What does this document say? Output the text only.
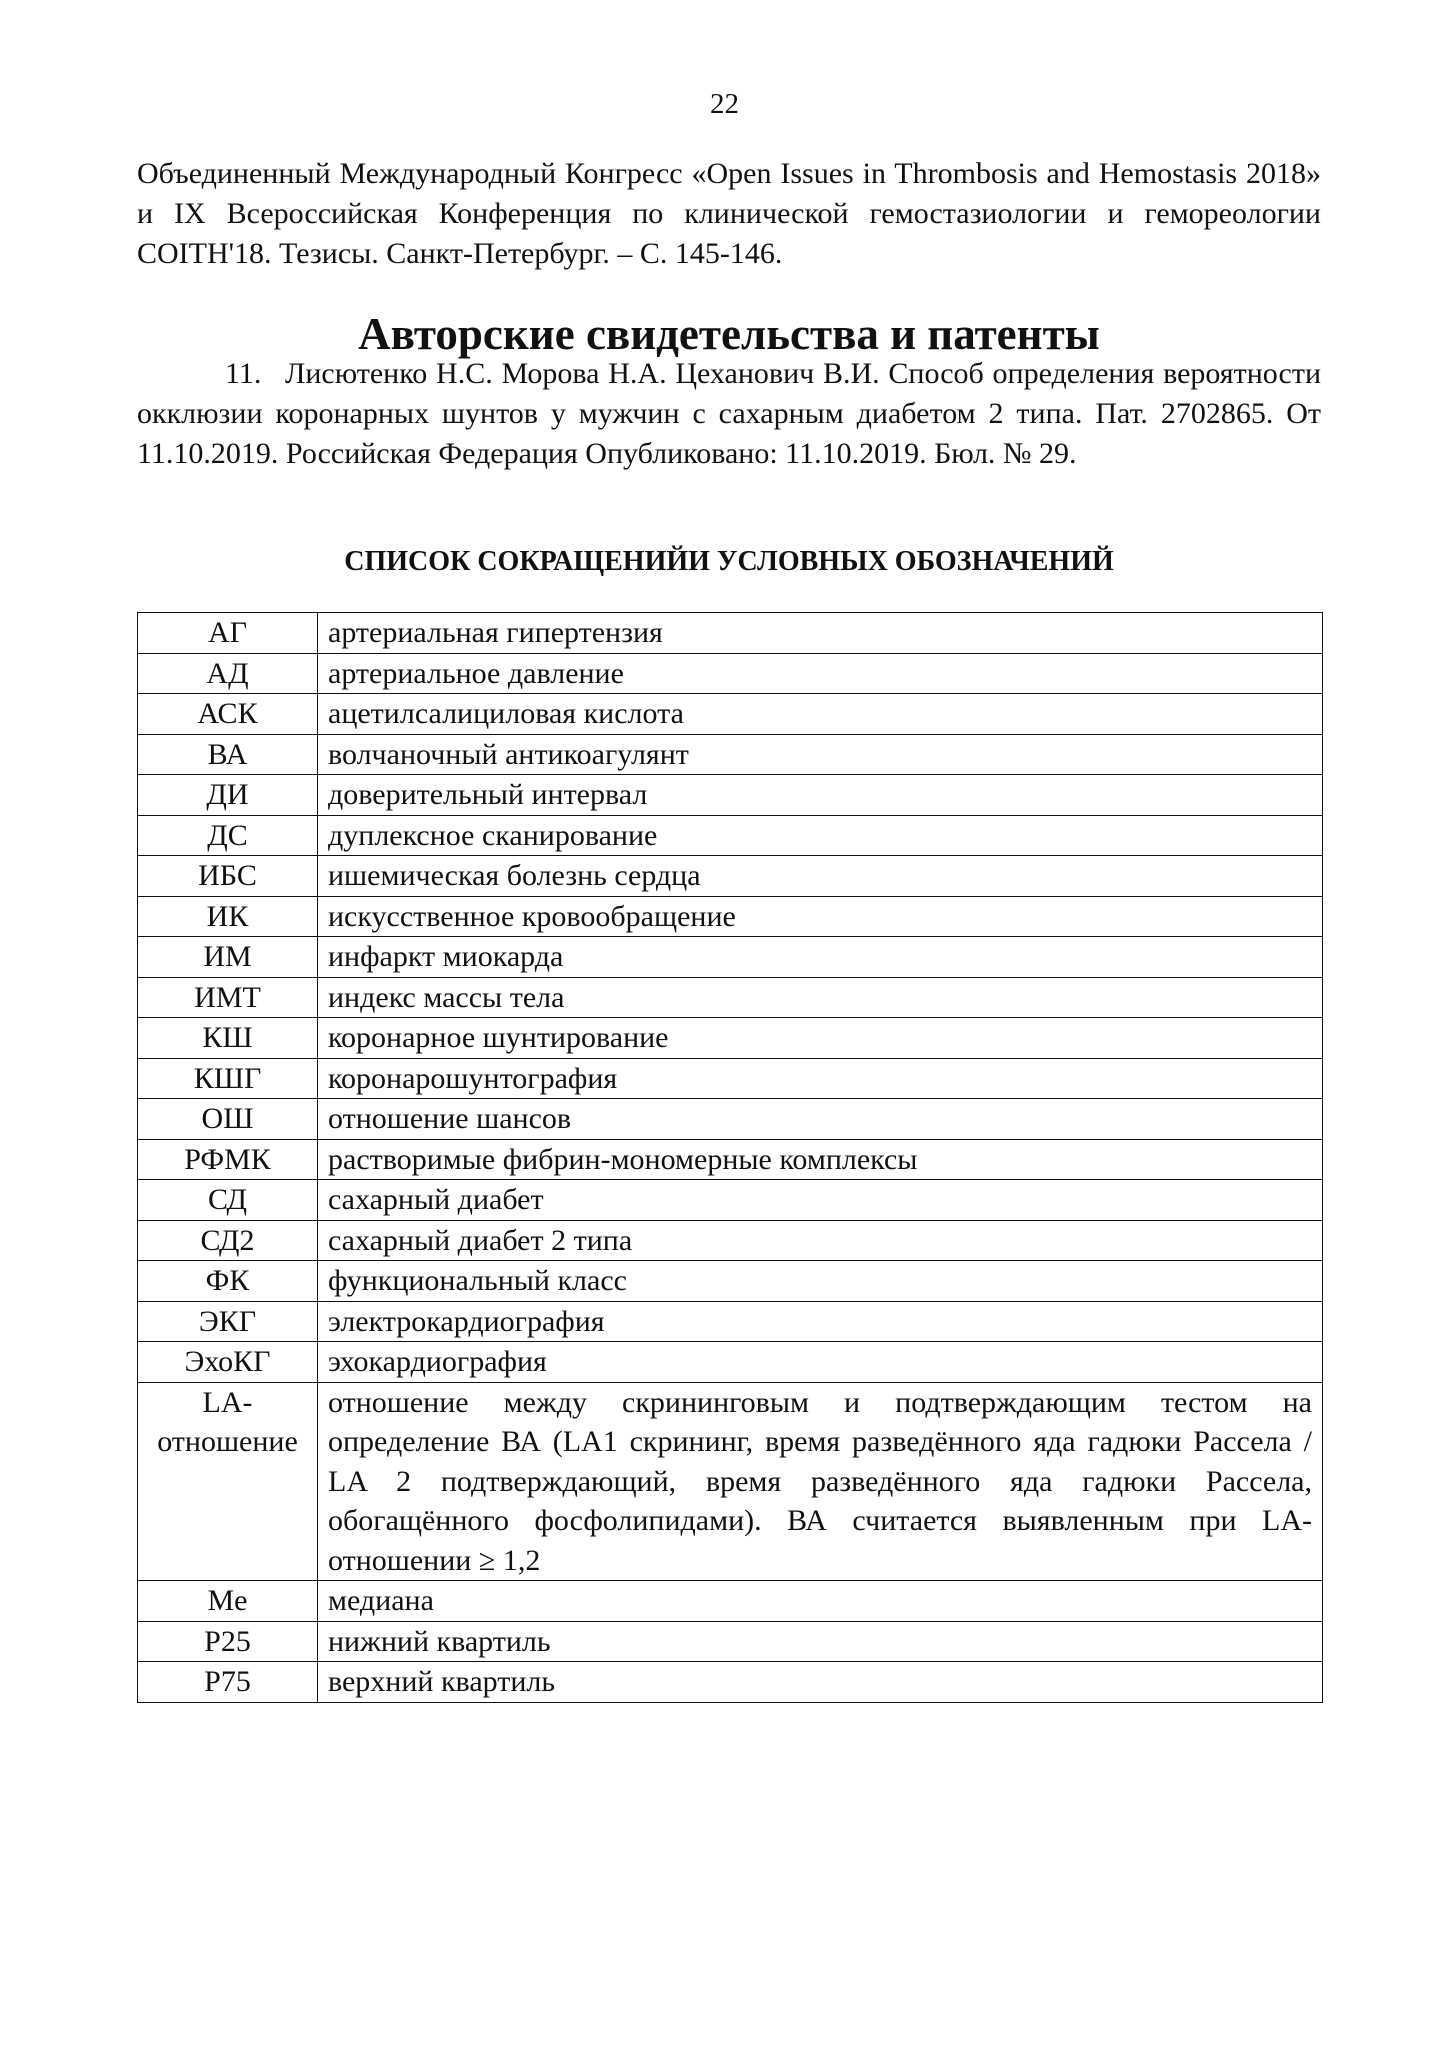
22

Объединенный Международный Конгресс «Open Issues in Thrombosis and Hemostasis 2018» и IX Всероссийская Конференция по клинической гемостазиологии и гемореологии COITH'18. Тезисы. Санкт-Петербург. – С. 145-146.

Авторские свидетельства и патенты

11. Лисютенко Н.С. Морова Н.А. Цеханович В.И. Способ определения вероятности окклюзии коронарных шунтов у мужчин с сахарным диабетом 2 типа. Пат. 2702865. От 11.10.2019. Российская Федерация Опубликовано: 11.10.2019. Бюл. № 29.

СПИСОК СОКРАЩЕНИЙИ УСЛОВНЫХ ОБОЗНАЧЕНИЙ
АГ	артериальная гипертензия
АД	артериальное давление
АСК	ацетилсалициловая кислота
ВА	волчаночный антикоагулянт
ДИ	доверительный интервал
ДС	дуплексное сканирование
ИБС	ишемическая болезнь сердца
ИК	искусственное кровообращение
ИМ	инфаркт миокарда
ИМТ	индекс массы тела
КШ	коронарное шунтирование
КШГ	коронарошунтография
ОШ	отношение шансов
РФМК	растворимые фибрин-мономерные комплексы
СД	сахарный диабет
СД2	сахарный диабет 2 типа
ФК	функциональный класс
ЭКГ	электрокардиография
ЭхоКГ	эхокардиография
LA-отношение	отношение между скрининговым и подтверждающим тестом на определение ВА (LA1 скрининг, время разведённого яда гадюки Рассела / LA 2 подтверждающий, время разведённого яда гадюки Рассела, обогащённого фосфолипидами). ВА считается выявленным при LA-отношении ≥ 1,2
Me	медиана
P25	нижний квартиль
P75	верхний квартиль
